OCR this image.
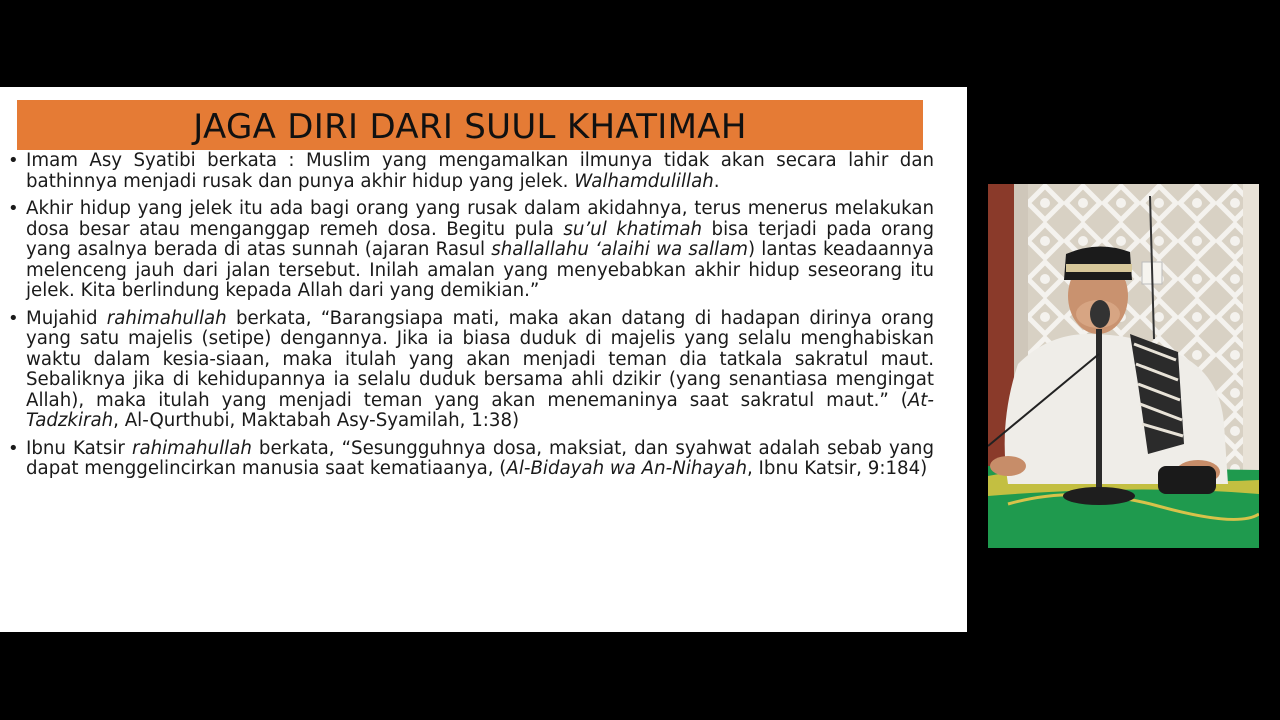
JAGA DIRI DARI SUUL KHATIMAH
• Imam Asy Syatibi berkata : Muslim yang mengamalkan ilmunya tidak akan secara lahir dan bathinnya menjadi rusak dan punya akhir hidup yang jelek. Walhamdulillah.
• Akhir hidup yang jelek itu ada bagi orang yang rusak dalam akidahnya, terus menerus melakukan dosa besar atau menganggap remeh dosa. Begitu pula su’ul khatimah bisa terjadi pada orang yang asalnya berada di atas sunnah (ajaran Rasul shallallahu ‘alaihi wa sallam) lantas keadaannya melenceng jauh dari jalan tersebut. Inilah amalan yang menyebabkan akhir hidup seseorang itu jelek. Kita berlindung kepada Allah dari yang demikian.”
• Mujahid rahimahullah berkata, “Barangsiapa mati, maka akan datang di hadapan dirinya orang yang satu majelis (setipe) dengannya. Jika ia biasa duduk di majelis yang selalu menghabiskan waktu dalam kesia-siaan, maka itulah yang akan menjadi teman dia tatkala sakratul maut. Sebaliknya jika di kehidupannya ia selalu duduk bersama ahli dzikir (yang senantiasa mengingat Allah), maka itulah yang menjadi teman yang akan menemaninya saat sakratul maut.” (At-Tadzkirah, Al-Qurthubi, Maktabah Asy-Syamilah, 1:38)
• Ibnu Katsir rahimahullah berkata, “Sesungguhnya dosa, maksiat, dan syahwat adalah sebab yang dapat menggelincirkan manusia saat kematiaanya, (Al-Bidayah wa An-Nihayah, Ibnu Katsir, 9:184)
